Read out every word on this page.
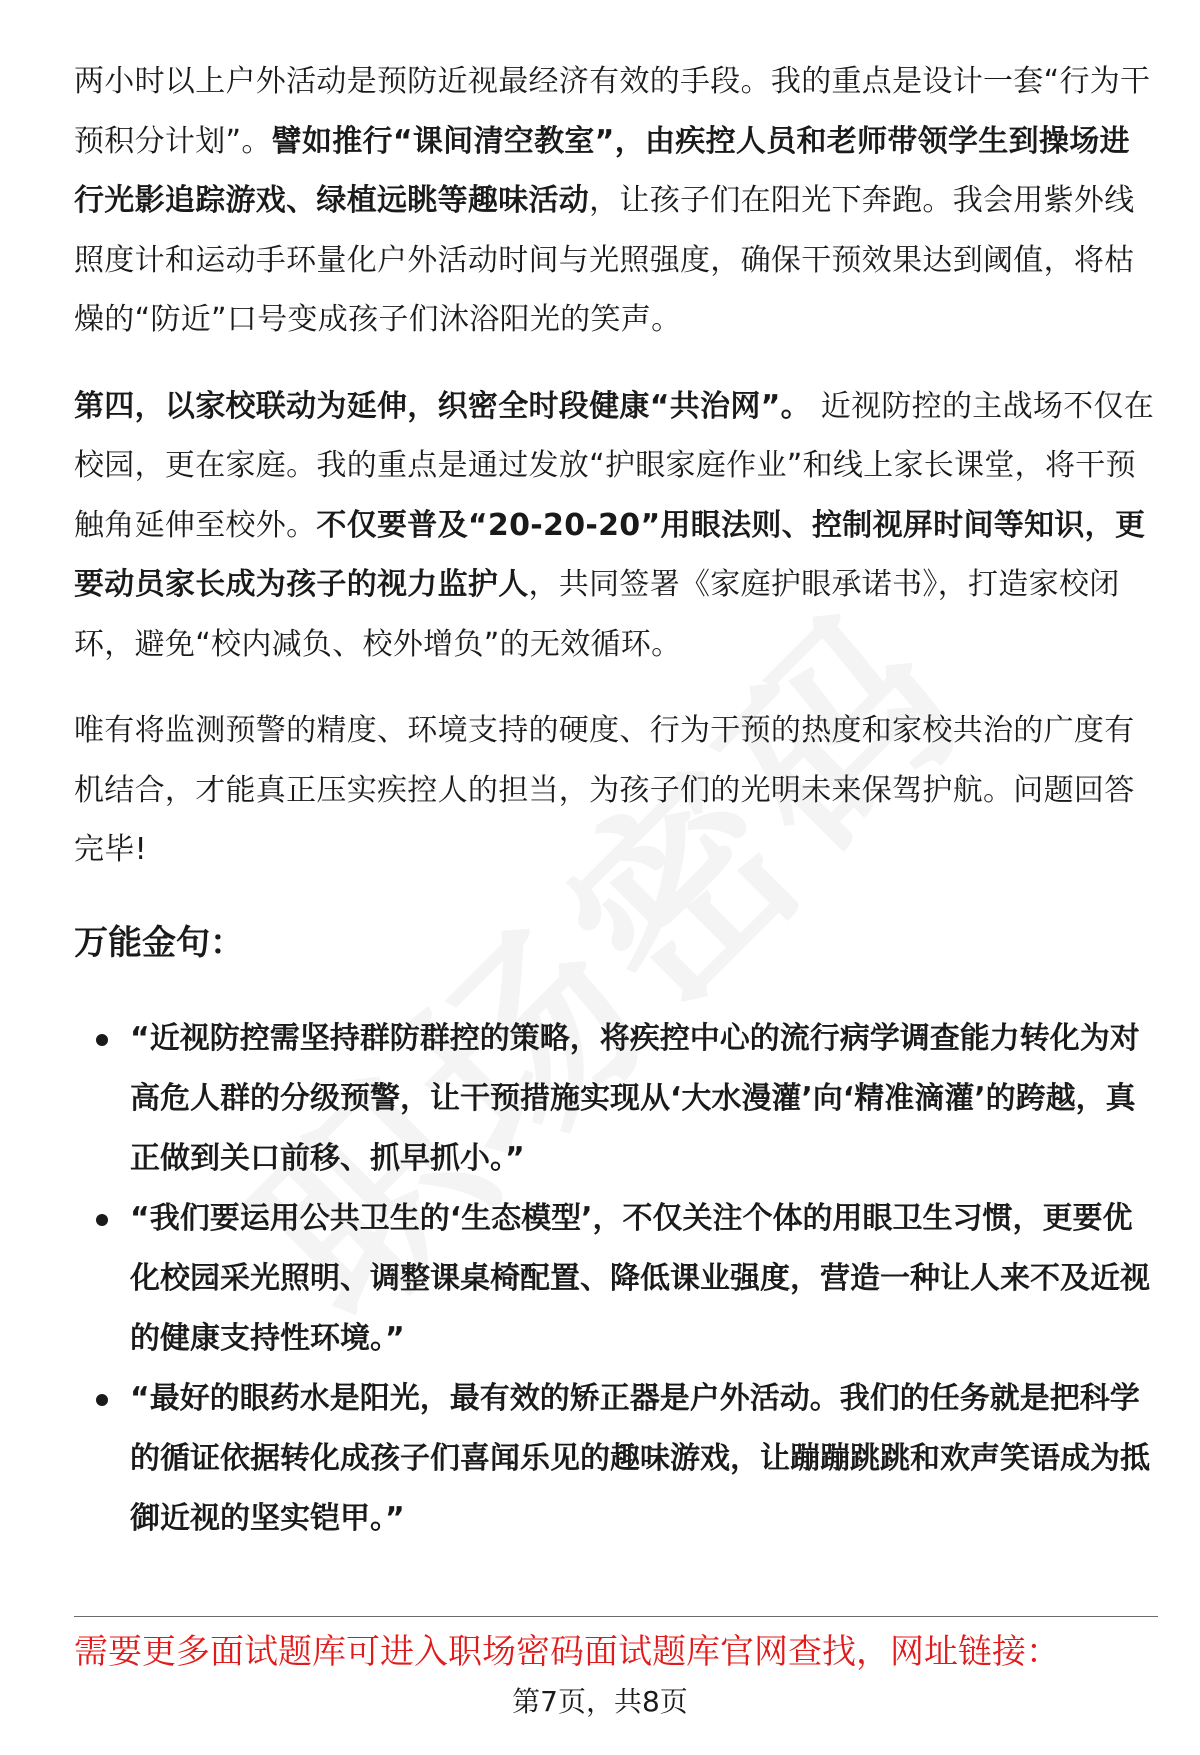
两小时以上户外活动是预防近视最经济有效的手段。我的重点是设计一套“行为干预积分计划”。譬如推行“课间清空教室”，由疾控人员和老师带领学生到操场进行光影追踪游戏、绿植远眺等趣味活动，让孩子们在阳光下奔跑。我会用紫外线照度计和运动手环量化户外活动时间与光照强度，确保干预效果达到阈值，将枯燥的“防近”口号变成孩子们沐浴阳光的笑声。

第四，以家校联动为延伸，织密全时段健康“共治网”。 近视防控的主战场不仅在校园，更在家庭。我的重点是通过发放“护眼家庭作业”和线上家长课堂，将干预触角延伸至校外。不仅要普及“20-20-20”用眼法则、控制视屏时间等知识，更要动员家长成为孩子的视力监护人，共同签署《家庭护眼承诺书》，打造家校闭环，避免“校内减负、校外增负”的无效循环。

唯有将监测预警的精度、环境支持的硬度、行为干预的热度和家校共治的广度有机结合，才能真正压实疾控人的担当，为孩子们的光明未来保驾护航。问题回答完毕!

万能金句：
“近视防控需坚持群防群控的策略，将疾控中心的流行病学调查能力转化为对高危人群的分级预警，让干预措施实现从‘大水漫灌’向‘精准滴灌’的跨越，真正做到关口前移、抓早抓小。”
“我们要运用公共卫生的‘生态模型’，不仅关注个体的用眼卫生习惯，更要优化校园采光照明、调整课桌椅配置、降低课业强度，营造一种让人来不及近视的健康支持性环境。”
“最好的眼药水是阳光，最有效的矫正器是户外活动。我们的任务就是把科学的循证依据转化成孩子们喜闻乐见的趣味游戏，让蹦蹦跳跳和欢声笑语成为抵御近视的坚实铠甲。”
需要更多面试题库可进入职场密码面试题库官网查找，网址链接：
第7页，共8页
